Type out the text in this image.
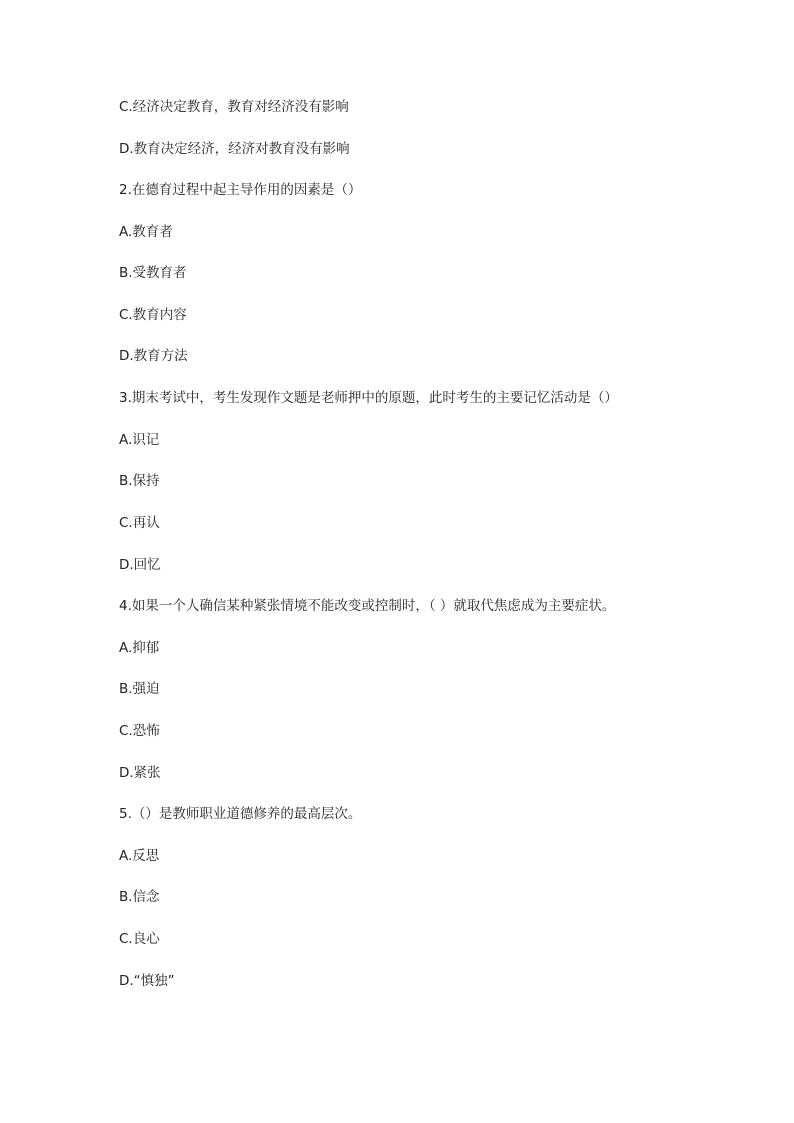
C.经济决定教育，教育对经济没有影响
D.教育决定经济，经济对教育没有影响
2.在德育过程中起主导作用的因素是（）
A.教育者
B.受教育者
C.教育内容
D.教育方法
3.期末考试中，考生发现作文题是老师押中的原题，此时考生的主要记忆活动是（）
A.识记
B.保持
C.再认
D.回忆
4.如果一个人确信某种紧张情境不能改变或控制时，（ ）就取代焦虑成为主要症状。
A.抑郁
B.强迫
C.恐怖
D.紧张
5.（）是教师职业道德修养的最高层次。
A.反思
B.信念
C.良心
D.“慎独”
